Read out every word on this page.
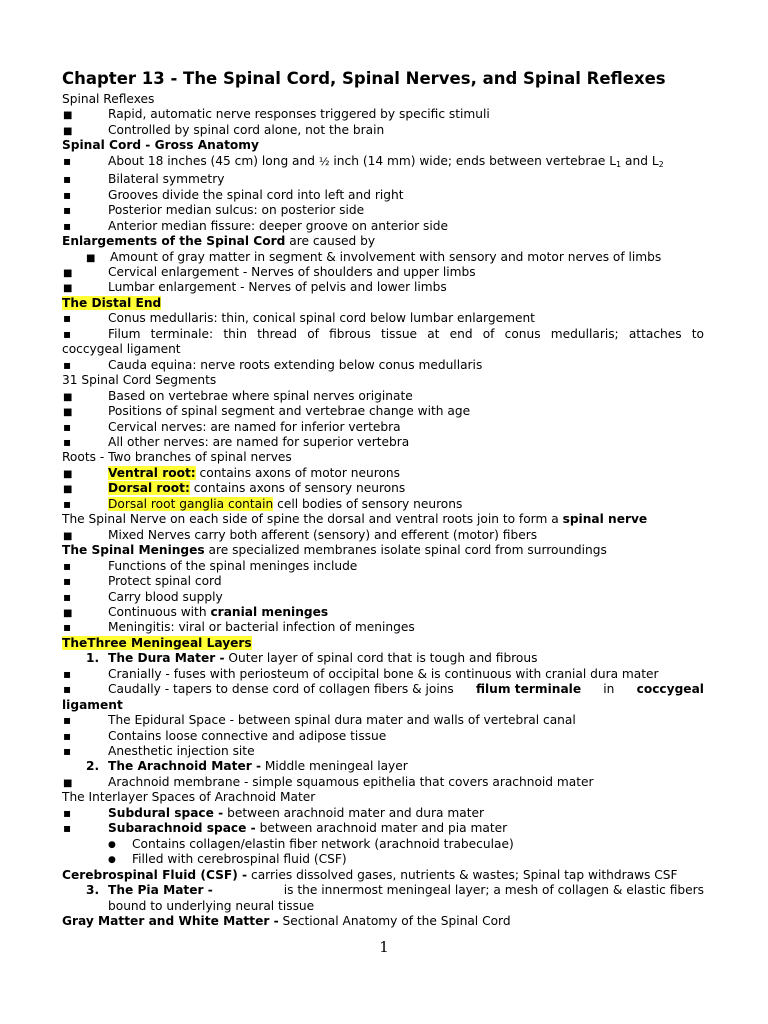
Chapter 13 - The Spinal Cord, Spinal Nerves, and Spinal Reflexes
Spinal Reflexes
■	Rapid, automatic nerve responses triggered by specific stimuli
■	Controlled by spinal cord alone, not the brain
Spinal Cord - Gross Anatomy
▪	About 18 inches (45 cm) long and ½ inch (14 mm) wide; ends between vertebrae $L_1$ and $L_2$
▪	Bilateral symmetry
▪	Grooves divide the spinal cord into left and right
▪	Posterior median sulcus: on posterior side
▪	Anterior median fissure: deeper groove on anterior side
Enlargements of the Spinal Cord are caused by
■ Amount of gray matter in segment & involvement with sensory and motor nerves of limbs
■	Cervical enlargement - Nerves of shoulders and upper limbs
■	Lumbar enlargement - Nerves of pelvis and lower limbs
The Distal End
▪	Conus medullaris: thin, conical spinal cord below lumbar enlargement
▪	Filum terminale: thin thread of fibrous tissue at end of conus medullaris; attaches to
coccygeal ligament
▪	Cauda equina: nerve roots extending below conus medullaris
31 Spinal Cord Segments
■	Based on vertebrae where spinal nerves originate
■	Positions of spinal segment and vertebrae change with age
▪	Cervical nerves: are named for inferior vertebra
▪	All other nerves: are named for superior vertebra
Roots - Two branches of spinal nerves
■	Ventral root: contains axons of motor neurons
■	Dorsal root: contains axons of sensory neurons
▪	Dorsal root ganglia contain cell bodies of sensory neurons
The Spinal Nerve on each side of spine the dorsal and ventral roots join to form a spinal nerve
■	Mixed Nerves carry both afferent (sensory) and efferent (motor) fibers
The Spinal Meninges are specialized membranes isolate spinal cord from surroundings
▪	Functions of the spinal meninges include
▪	Protect spinal cord
▪	Carry blood supply
■	Continuous with cranial meninges
▪	Meningitis: viral or bacterial infection of meninges
TheThree Meningeal Layers
1. The Dura Mater - Outer layer of spinal cord that is tough and fibrous
▪	Cranially - fuses with periosteum of occipital bone & is continuous with cranial dura mater
▪	Caudally - tapers to dense cord of collagen fibers & joins filum terminale in coccygeal
ligament
▪	The Epidural Space - between spinal dura mater and walls of vertebral canal
▪	Contains loose connective and adipose tissue
▪	Anesthetic injection site
2. The Arachnoid Mater - Middle meningeal layer
■	Arachnoid membrane - simple squamous epithelia that covers arachnoid mater
The Interlayer Spaces of Arachnoid Mater
▪	Subdural space - between arachnoid mater and dura mater
▪	Subarachnoid space - between arachnoid mater and pia mater
● Contains collagen/elastin fiber network (arachnoid trabeculae)
● Filled with cerebrospinal fluid (CSF)
Cerebrospinal Fluid (CSF) - carries dissolved gases, nutrients & wastes; Spinal tap withdraws CSF
3. The Pia Mater -	is the innermost meningeal layer; a mesh of collagen & elastic fibers
bound to underlying neural tissue
Gray Matter and White Matter - Sectional Anatomy of the Spinal Cord
1
